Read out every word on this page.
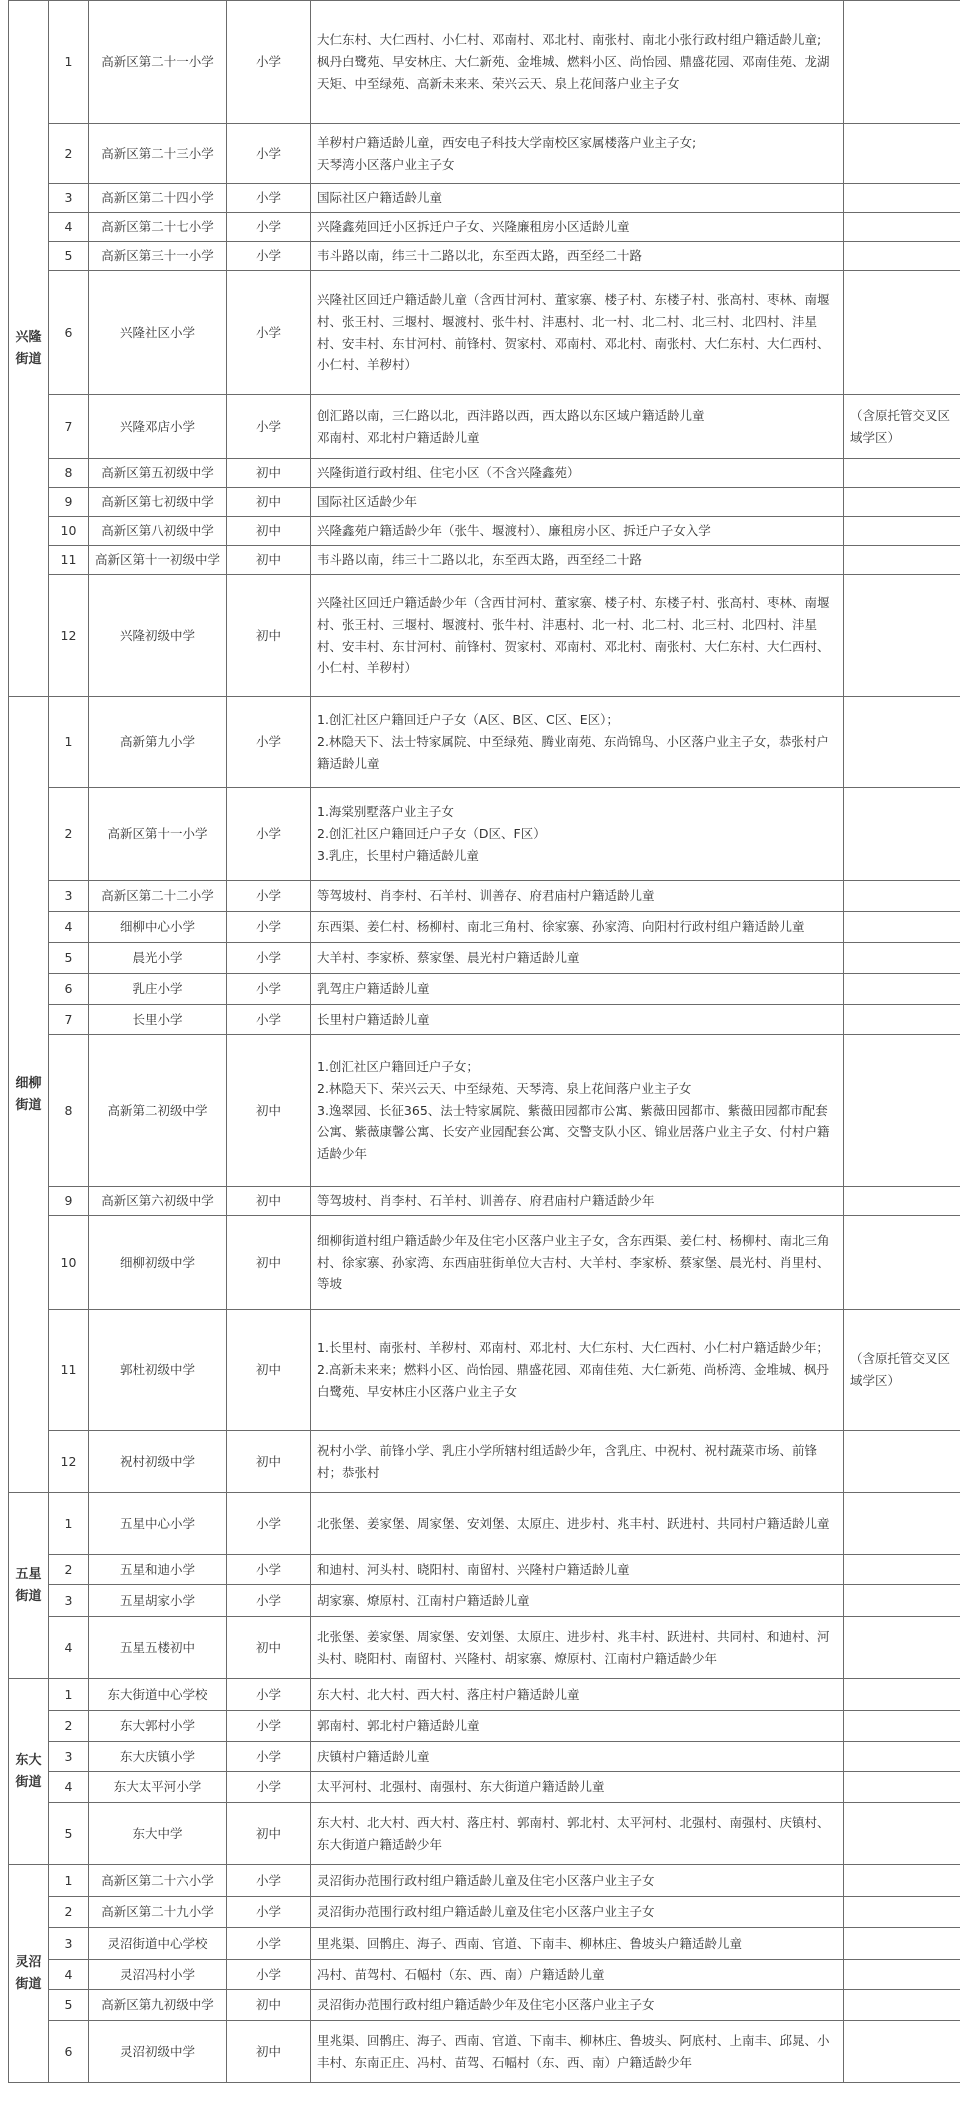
兴隆
街道	1	高新区第二十一小学	小学	大仁东村、大仁西村、小仁村、邓南村、邓北村、南张村、南北小张行政村组户籍适龄儿童;
枫丹白鹭苑、早安林庄、大仁新苑、金堆城、燃料小区、尚怡园、鼎盛花园、邓南佳苑、龙湖天矩、中至绿苑、高新未来来、荣兴云天、泉上花间落户业主子女	

	2	高新区第二十三小学	小学	羊秽村户籍适龄儿童，西安电子科技大学南校区家属楼落户业主子女;
天琴湾小区落户业主子女	

	3	高新区第二十四小学	小学	国际社区户籍适龄儿童	

	4	高新区第二十七小学	小学	兴隆鑫苑回迁小区拆迁户子女、兴隆廉租房小区适龄儿童	

	5	高新区第三十一小学	小学	韦斗路以南，纬三十二路以北，东至西太路，西至经二十路	

	6	兴隆社区小学	小学	兴隆社区回迁户籍适龄儿童（含西甘河村、董家寨、楼子村、东楼子村、张高村、枣林、南堰村、张王村、三堰村、堰渡村、张牛村、沣惠村、北一村、北二村、北三村、北四村、沣星村、安丰村、东甘河村、前锋村、贺家村、邓南村、邓北村、南张村、大仁东村、大仁西村、小仁村、羊秽村）	

	7	兴隆邓店小学	小学	创汇路以南，三仁路以北，西沣路以西，西太路以东区域户籍适龄儿童
邓南村、邓北村户籍适龄儿童	（含原托管交叉区域学区）
	8	高新区第五初级中学	初中	兴隆街道行政村组、住宅小区（不含兴隆鑫苑）	

	9	高新区第七初级中学	初中	国际社区适龄少年	

	10	高新区第八初级中学	初中	兴隆鑫苑户籍适龄少年（张牛、堰渡村）、廉租房小区、拆迁户子女入学	

	11	高新区第十一初级中学	初中	韦斗路以南，纬三十二路以北，东至西太路，西至经二十路	

	12	兴隆初级中学	初中	兴隆社区回迁户籍适龄少年（含西甘河村、董家寨、楼子村、东楼子村、张高村、枣林、南堰村、张王村、三堰村、堰渡村、张牛村、沣惠村、北一村、北二村、北三村、北四村、沣星村、安丰村、东甘河村、前锋村、贺家村、邓南村、邓北村、南张村、大仁东村、大仁西村、小仁村、羊秽村）	

细柳
街道	1	高新第九小学	小学	1.创汇社区户籍回迁户子女（A区、B区、C区、E区）；
2.林隐天下、法士特家属院、中至绿苑、腾业南苑、东尚锦鸟、小区落户业主子女，恭张村户籍适龄儿童	

	2	高新区第十一小学	小学	1.海棠别墅落户业主子女
2.创汇社区户籍回迁户子女（D区、F区）
3.乳庄，长里村户籍适龄儿童	

	3	高新区第二十二小学	小学	等驾坡村、肖李村、石羊村、训善存、府君庙村户籍适龄儿童	

	4	细柳中心小学	小学	东西渠、姜仁村、杨柳村、南北三角村、徐家寨、孙家湾、向阳村行政村组户籍适龄儿童	

	5	晨光小学	小学	大羊村、李家桥、蔡家堡、晨光村户籍适龄儿童	

	6	乳庄小学	小学	乳驾庄户籍适龄儿童	

	7	长里小学	小学	长里村户籍适龄儿童	

	8	高新第二初级中学	初中	1.创汇社区户籍回迁户子女；
2.林隐天下、荣兴云天、中至绿苑、天琴湾、泉上花间落户业主子女
3.逸翠园、长征365、法士特家属院、紫薇田园都市公寓、紫薇田园都市、紫薇田园都市配套公寓、紫薇康馨公寓、长安产业园配套公寓、交警支队小区、锦业居落户业主子女、付村户籍适龄少年	

	9	高新区第六初级中学	初中	等驾坡村、肖李村、石羊村、训善存、府君庙村户籍适龄少年	

	10	细柳初级中学	初中	细柳街道村组户籍适龄少年及住宅小区落户业主子女，含东西渠、姜仁村、杨柳村、南北三角村、徐家寨、孙家湾、东西庙驻街单位大吉村、大羊村、李家桥、蔡家堡、晨光村、肖里村、等坡	

	11	郭杜初级中学	初中	1.长里村、南张村、羊秽村、邓南村、邓北村、大仁东村、大仁西村、小仁村户籍适龄少年；
2.高新未来来；燃料小区、尚怡园、鼎盛花园、邓南佳苑、大仁新苑、尚桥湾、金堆城、枫丹白鹭苑、早安林庄小区落户业主子女	（含原托管交叉区域学区）
	12	祝村初级中学	初中	祝村小学、前锋小学、乳庄小学所辖村组适龄少年，含乳庄、中祝村、祝村蔬菜市场、前锋村；恭张村	

五星
街道	1	五星中心小学	小学	北张堡、姜家堡、周家堡、安刘堡、太原庄、进步村、兆丰村、跃进村、共同村户籍适龄儿童	

	2	五星和迪小学	小学	和迪村、河头村、晓阳村、南留村、兴隆村户籍适龄儿童	

	3	五星胡家小学	小学	胡家寨、燎原村、江南村户籍适龄儿童	

	4	五星五楼初中	初中	北张堡、姜家堡、周家堡、安刘堡、太原庄、进步村、兆丰村、跃进村、共同村、和迪村、河头村、晓阳村、南留村、兴隆村、胡家寨、燎原村、江南村户籍适龄少年	

东大
街道	1	东大街道中心学校	小学	东大村、北大村、西大村、落庄村户籍适龄儿童	

	2	东大郭村小学	小学	郭南村、郭北村户籍适龄儿童	

	3	东大庆镇小学	小学	庆镇村户籍适龄儿童	

	4	东大太平河小学	小学	太平河村、北强村、南强村、东大街道户籍适龄儿童	

	5	东大中学	初中	东大村、北大村、西大村、落庄村、郭南村、郭北村、太平河村、北强村、南强村、庆镇村、东大街道户籍适龄少年	

灵沼
街道	1	高新区第二十六小学	小学	灵沼街办范围行政村组户籍适龄儿童及住宅小区落户业主子女	

	2	高新区第二十九小学	小学	灵沼街办范围行政村组户籍适龄儿童及住宅小区落户业主子女	

	3	灵沼街道中心学校	小学	里兆渠、回鹘庄、海子、西南、官道、下南丰、柳林庄、鲁坡头户籍适龄儿童	

	4	灵沼冯村小学	小学	冯村、苗驾村、石幅村（东、西、南）户籍适龄儿童	

	5	高新区第九初级中学	初中	灵沼街办范围行政村组户籍适龄少年及住宅小区落户业主子女	

	6	灵沼初级中学	初中	里兆渠、回鹘庄、海子、西南、官道、下南丰、柳林庄、鲁坡头、阿底村、上南丰、邱晁、小丰村、东南正庄、冯村、苗驾、石幅村（东、西、南）户籍适龄少年	
